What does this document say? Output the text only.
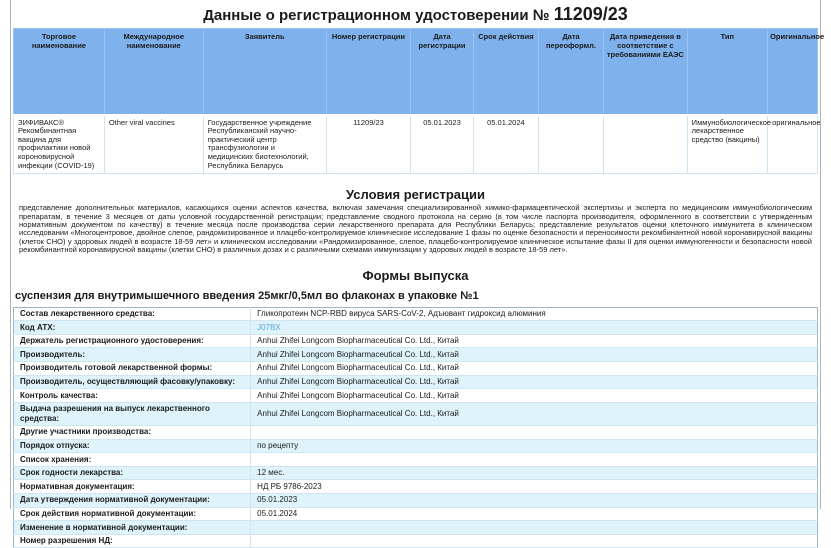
Данные о регистрационном удостоверении № 11209/23
Торговое наименование	Международное наименование	Заявитель	Номер регистрации	Дата регистрации	Срок действия	Дата переоформл.	Дата приведения в соответствие с требованиями ЕАЭС	Тип	Оригинальное
ЗИФИВАКС® Рекомбинантная вакцина для профилактики новой короновирусной инфекции (COVID-19)	Other viral vaccines	Государственное учреждение Республиканский научно-практический центр трансфузиологии и медицинских биотехнологий, Республика Беларусь	11209/23	05.01.2023	05.01.2024			Иммунобиологическое лекарственное средство (вакцины)	оригинальное
Условия регистрации
представление дополнительных материалов, касающихся оценки аспектов качества, включая замечания специализированной химико-фармацевтической экспертизы и эксперта по медицинским иммунобиологическим препаратам, в течение 3 месяцев от даты условной государственной регистрации; представление сводного протокола на серию (в том числе паспорта производителя, оформленного в соответствии с утвержденным нормативным документом по качеству) в течение месяца после производства серии лекарственного препарата для Республики Беларусь; представление результатов оценки клеточного иммунитета в клиническом исследовании «Многоцентровое, двойное слепое, рандомизированное и плацебо-контролируемое клиническое исследование 1 фазы по оценке безопасности и переносимости рекомбинантной новой коронавирусной вакцины (клеток CHO) у здоровых людей в возрасте 18-59 лет» и клиническом исследовании «Рандомизированное, слепое, плацебо-контролируемое клиническое испытание фазы II для оценки иммуногенности и безопасности новой рекомбинантной коронавирусной вакцины (клетки CHO) в различных дозах и с различными схемами иммунизации у здоровых людей в возрасте 18-59 лет».
Формы выпуска
суспензия для внутримышечного введения 25мкг/0,5мл во флаконах в упаковке №1
Состав лекарственного средства:	Гликопротеин NCP-RBD вируса SARS-CoV-2, Адъювант гидроксид алюминия
Код АТХ:	J07BX
Держатель регистрационного удостоверения:	Anhui Zhifei Longcom Biopharmaceutical Co. Ltd., Китай
Производитель:	Anhui Zhifei Longcom Biopharmaceutical Co. Ltd., Китай
Производитель готовой лекарственной формы:	Anhui Zhifei Longcom Biopharmaceutical Co. Ltd., Китай
Производитель, осуществляющий фасовку/упаковку:	Anhui Zhifei Longcom Biopharmaceutical Co. Ltd., Китай
Контроль качества:	Anhui Zhifei Longcom Biopharmaceutical Co. Ltd., Китай
Выдача разрешения на выпуск лекарственного средства:	Anhui Zhifei Longcom Biopharmaceutical Co. Ltd., Китай
Другие участники производства:	
Порядок отпуска:	по рецепту
Список хранения:	
Срок годности лекарства:	12 мес.
Нормативная документация:	НД РБ 9786-2023
Дата утверждения нормативной документации:	05.01.2023
Срок действия нормативной документации:	05.01.2024
Изменение в нормативной документации:	
Номер разрешения НД:	
